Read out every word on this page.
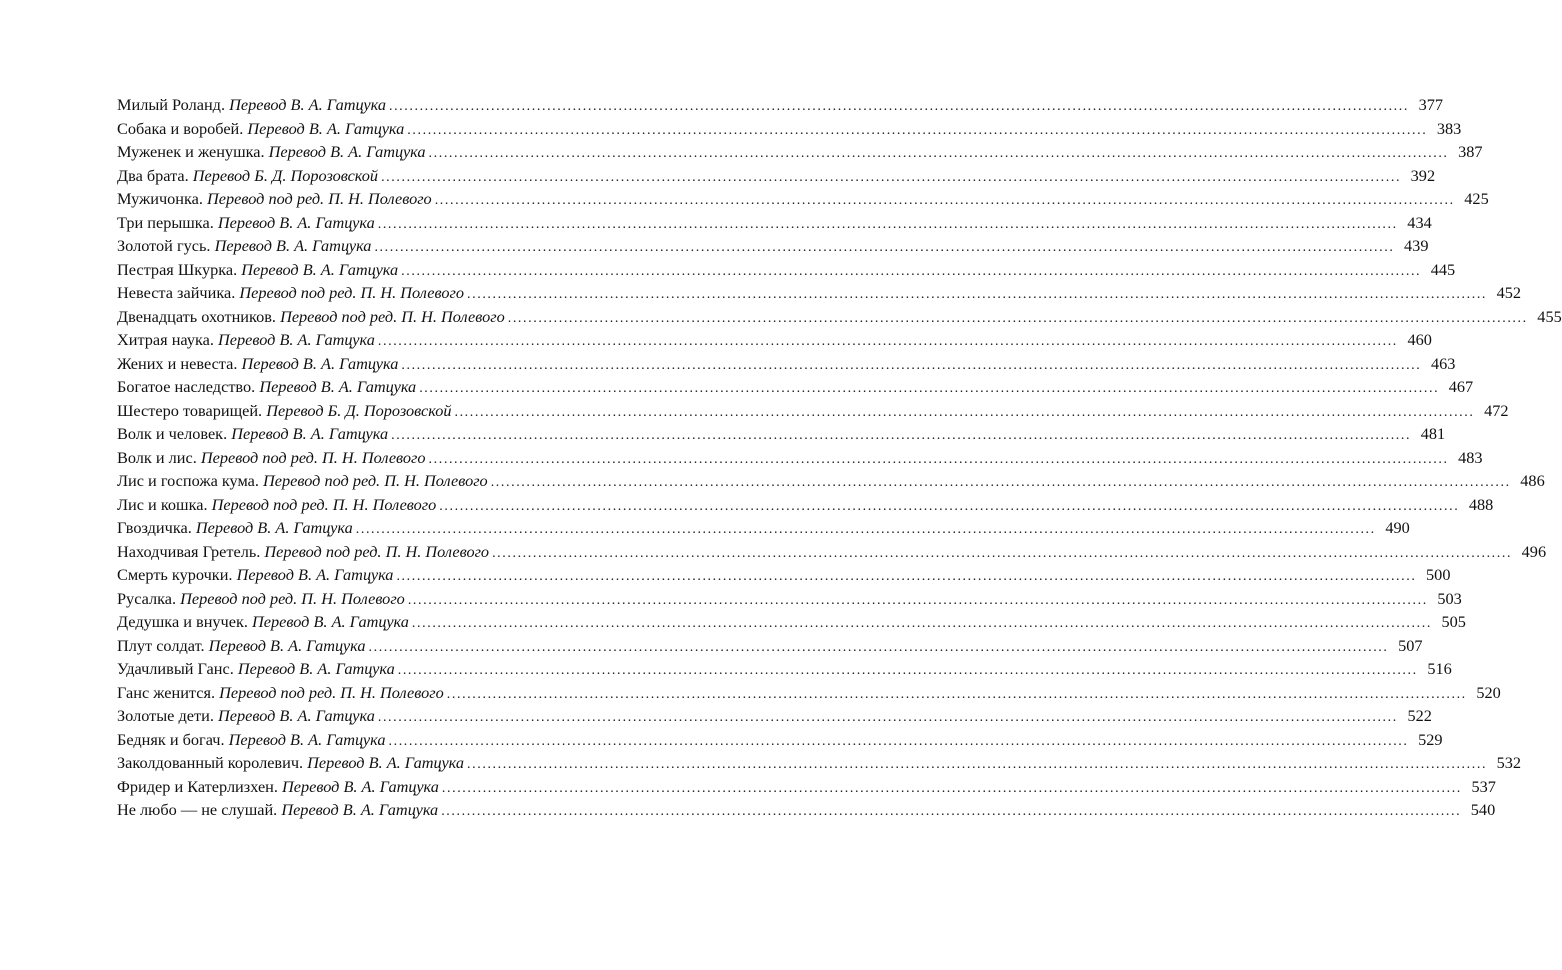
Милый Роланд. Перевод В. А. Гатцука ........................................................................................................................................................................................................ 377
Собака и воробей. Перевод В. А. Гатцука ........................................................................................................................................................................................................ 383
Муженек и женушка. Перевод В. А. Гатцука ........................................................................................................................................................................................................ 387
Два брата. Перевод Б. Д. Порозовской ........................................................................................................................................................................................................ 392
Мужичонка. Перевод под ред. П. Н. Полевого ........................................................................................................................................................................................................ 425
Три перышка. Перевод В. А. Гатцука ........................................................................................................................................................................................................ 434
Золотой гусь. Перевод В. А. Гатцука ........................................................................................................................................................................................................ 439
Пестрая Шкурка. Перевод В. А. Гатцука ........................................................................................................................................................................................................ 445
Невеста зайчика. Перевод под ред. П. Н. Полевого ........................................................................................................................................................................................................ 452
Двенадцать охотников. Перевод под ред. П. Н. Полевого ........................................................................................................................................................................................................ 455
Хитрая наука. Перевод В. А. Гатцука ........................................................................................................................................................................................................ 460
Жених и невеста. Перевод В. А. Гатцука ........................................................................................................................................................................................................ 463
Богатое наследство. Перевод В. А. Гатцука ........................................................................................................................................................................................................ 467
Шестеро товарищей. Перевод Б. Д. Порозовской ........................................................................................................................................................................................................ 472
Волк и человек. Перевод В. А. Гатцука ........................................................................................................................................................................................................ 481
Волк и лис. Перевод под ред. П. Н. Полевого ........................................................................................................................................................................................................ 483
Лис и госпожа кума. Перевод под ред. П. Н. Полевого ........................................................................................................................................................................................................ 486
Лис и кошка. Перевод под ред. П. Н. Полевого ........................................................................................................................................................................................................ 488
Гвоздичка. Перевод В. А. Гатцука ........................................................................................................................................................................................................ 490
Находчивая Гретель. Перевод под ред. П. Н. Полевого ........................................................................................................................................................................................................ 496
Смерть курочки. Перевод В. А. Гатцука ........................................................................................................................................................................................................ 500
Русалка. Перевод под ред. П. Н. Полевого ........................................................................................................................................................................................................ 503
Дедушка и внучек. Перевод В. А. Гатцука ........................................................................................................................................................................................................ 505
Плут солдат. Перевод В. А. Гатцука ........................................................................................................................................................................................................ 507
Удачливый Ганс. Перевод В. А. Гатцука ........................................................................................................................................................................................................ 516
Ганс женится. Перевод под ред. П. Н. Полевого ........................................................................................................................................................................................................ 520
Золотые дети. Перевод В. А. Гатцука ........................................................................................................................................................................................................ 522
Бедняк и богач. Перевод В. А. Гатцука ........................................................................................................................................................................................................ 529
Заколдованный королевич. Перевод В. А. Гатцука ........................................................................................................................................................................................................ 532
Фридер и Катерлизхен. Перевод В. А. Гатцука ........................................................................................................................................................................................................ 537
Не любо — не слушай. Перевод В. А. Гатцука ........................................................................................................................................................................................................ 540
